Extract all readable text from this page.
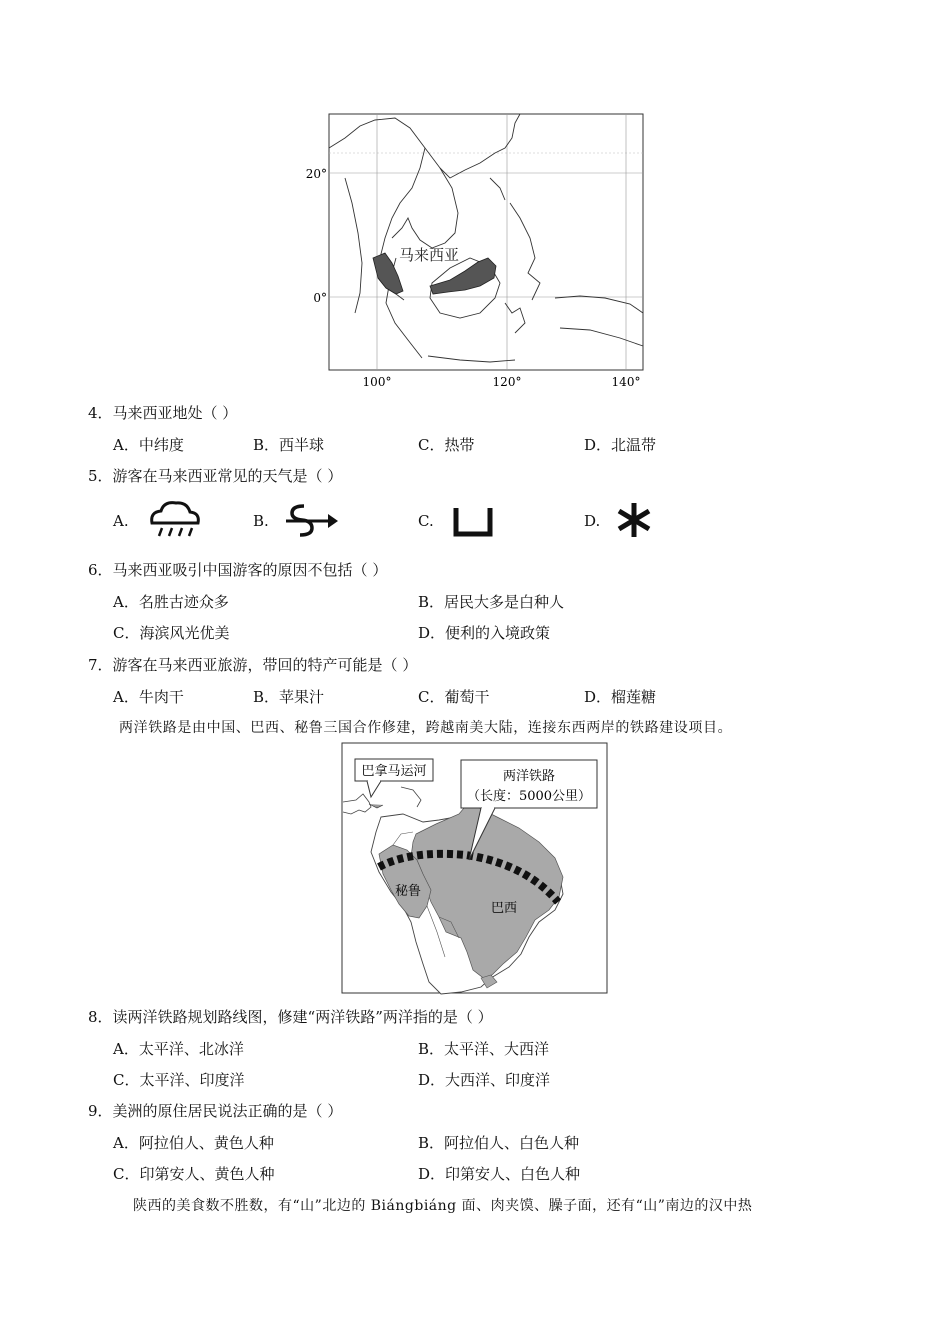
马来西亚
20°
0°
100°	120°	140°
4．马来西亚地处（ ）
A．中纬度	B．西半球	C．热带	D．北温带
5．游客在马来西亚常见的天气是（ ）
A.	B.	C.	D.
6．马来西亚吸引中国游客的原因不包括（ ）
A．名胜古迹众多	B．居民大多是白种人
C．海滨风光优美	D．便利的入境政策
7．游客在马来西亚旅游，带回的特产可能是（ ）
A．牛肉干	B．苹果汁	C．葡萄干	D．榴莲糖
两洋铁路是由中国、巴西、秘鲁三国合作修建，跨越南美大陆，连接东西两岸的铁路建设项目。
巴拿马运河	两洋铁路
（长度：5000公里）
秘鲁
巴西
8．读两洋铁路规划路线图，修建“两洋铁路”两洋指的是（ ）
A．太平洋、北冰洋	B．太平洋、大西洋
C．太平洋、印度洋	D．大西洋、印度洋
9．美洲的原住居民说法正确的是（ ）
A．阿拉伯人、黄色人种	B．阿拉伯人、白色人种
C．印第安人、黄色人种	D．印第安人、白色人种
陕西的美食数不胜数，有“山”北边的 Biángbiáng 面、肉夹馍、臊子面，还有“山”南边的汉中热
